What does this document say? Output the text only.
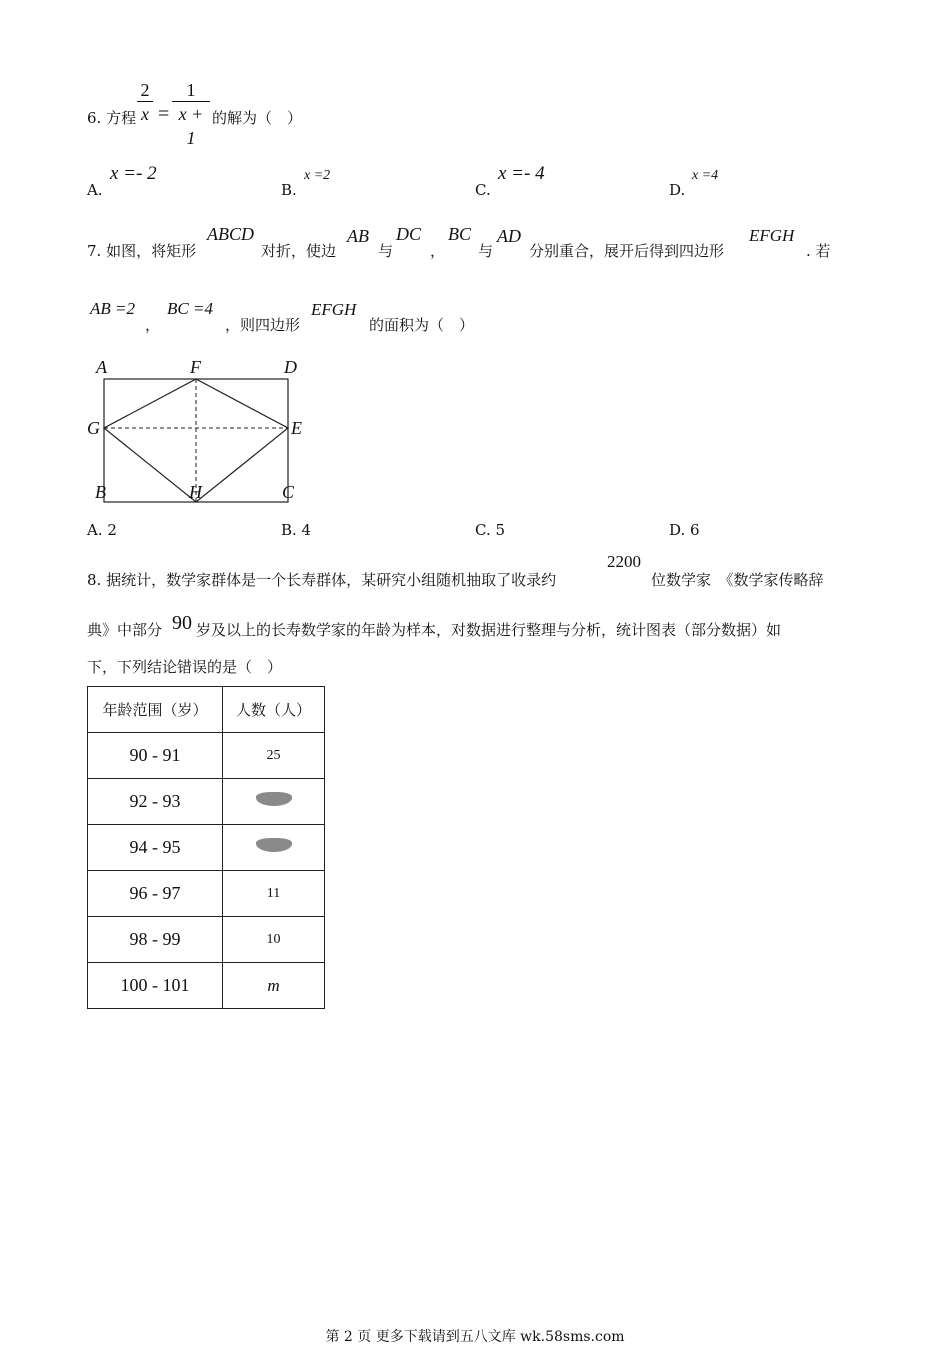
6. 方程
2
x =
1
x + 1
的解为（　）
A.
x =- 2
B.
x =2
C.
x =- 4
D.
x =4
7. 如图，将矩形
ABCD
对折，使边
AB
与
DC
，
BC
与
AD
分别重合，展开后得到四边形
EFGH
. 若
AB =2
，
BC =4
，则四边形
EFGH
的面积为（　）
A	F	D
G	E
B	H	C
A. 2	B. 4	C. 5	D. 6
8. 据统计，数学家群体是一个长寿群体，某研究小组随机抽取了收录约
2200
位数学家　《数学家传略辞
典》中部分 90 岁及以上的长寿数学家的年龄为样本，对数据进行整理与分析，统计图表（部分数据）如
下，下列结论错误的是（　）
年龄范围（岁）	人数（人）
90 - 91	25
92 - 93	
94 - 95	
96 - 97	11
98 - 99	10
100 - 101	m
第 2 页 更多下载请到五八文库 wk.58sms.com
